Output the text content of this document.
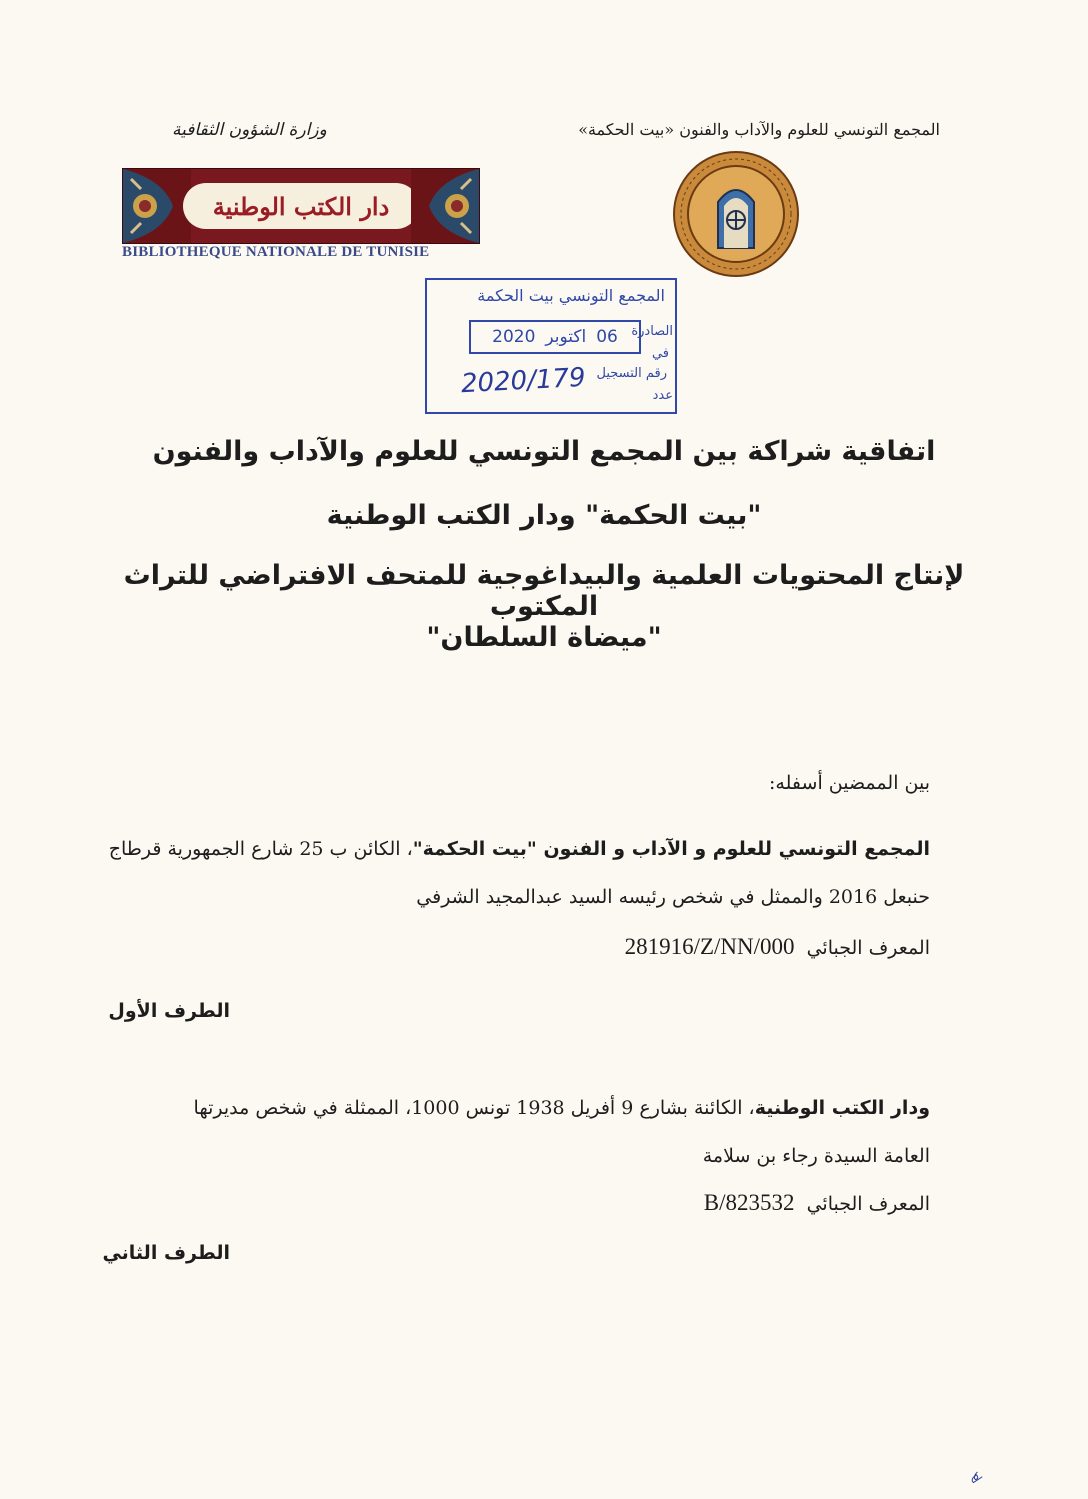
المجمع التونسي للعلوم والآداب والفنون «بيت الحكمة»
وزارة الشؤون الثقافية
دار الكتب الوطنية
BIBLIOTHEQUE NATIONALE DE TUNISIE
المجمع التونسي بيت الحكمة
06
اكتوبر
2020	الصادرة
في
رقم التسجيل
عدد
2020/179
اتفاقية شراكة بين المجمع التونسي للعلوم والآداب والفنون
"بيت الحكمة" ودار الكتب الوطنية
لإنتاج المحتويات العلمية والبيداغوجية للمتحف الافتراضي للتراث المكتوب
"ميضاة السلطان"
بين الممضين أسفله:
المجمع التونسي للعلوم و الآداب و الفنون "بيت الحكمة"، الكائن ب 25 شارع الجمهورية قرطاج
حنبعل 2016 والممثل في شخص رئيسه السيد عبدالمجيد الشرفي
المعرف الجبائي 281916/Z/NN/000
الطرف الأول
ودار الكتب الوطنية، الكائنة بشارع 9 أفريل 1938 تونس 1000، الممثلة في شخص مديرتها
العامة السيدة رجاء بن سلامة
المعرف الجبائي B/823532
الطرف الثاني
